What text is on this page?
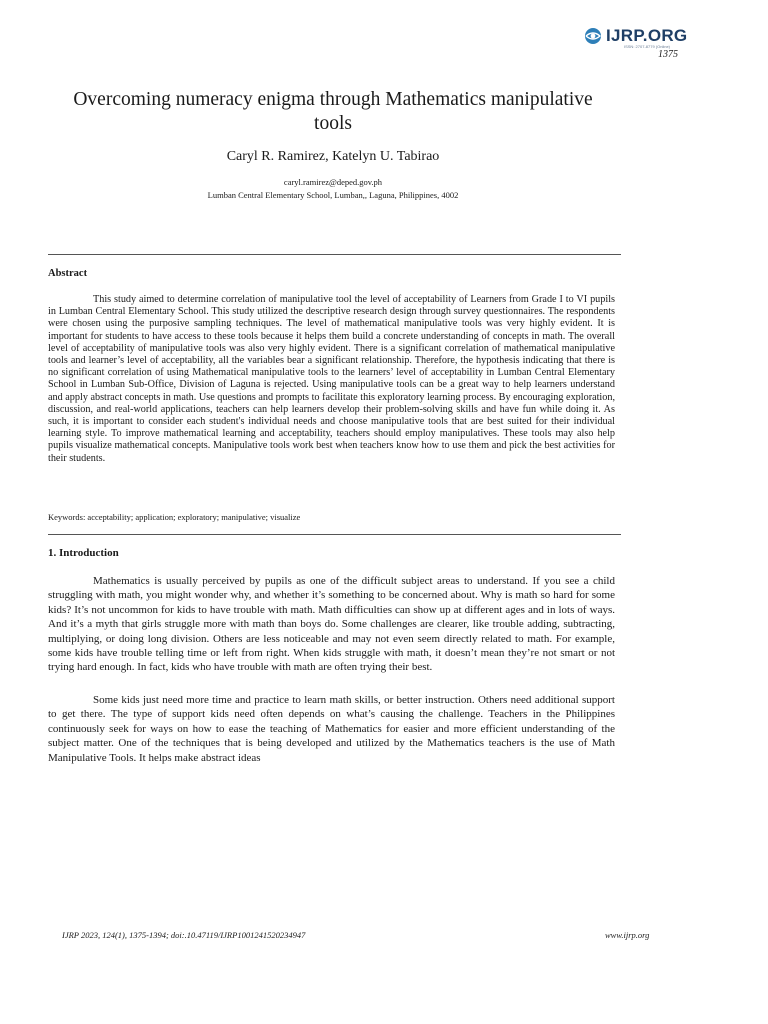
IJRP.ORG
ISSN: 2707-8779 (Online)
1375
Overcoming numeracy enigma through Mathematics manipulative tools
Caryl R. Ramirez, Katelyn U. Tabirao
caryl.ramirez@deped.gov.ph
Lumban Central Elementary School, Lumban,, Laguna, Philippines, 4002
Abstract

This study aimed to determine correlation of manipulative tool the level of acceptability of Learners from Grade I to VI pupils in Lumban Central Elementary School. This study utilized the descriptive research design through survey questionnaires. The respondents were chosen using the purposive sampling techniques. The level of mathematical manipulative tools was very highly evident. It is important for students to have access to these tools because it helps them build a concrete understanding of concepts in math. The overall level of acceptability of manipulative tools was also very highly evident. There is a significant correlation of mathematical manipulative tools and learner’s level of acceptability, all the variables bear a significant relationship. Therefore, the hypothesis indicating that there is no significant correlation of using Mathematical manipulative tools to the learners’ level of acceptability in Lumban Central Elementary School in Lumban Sub-Office, Division of Laguna is rejected. Using manipulative tools can be a great way to help learners understand and apply abstract concepts in math. Use questions and prompts to facilitate this exploratory learning process. By encouraging exploration, discussion, and real-world applications, teachers can help learners develop their problem-solving skills and have fun while doing it. As such, it is important to consider each student's individual needs and choose manipulative tools that are best suited for their individual learning style. To improve mathematical learning and acceptability, teachers should employ manipulatives. These tools may also help pupils visualize mathematical concepts. Manipulative tools work best when teachers know how to use them and pick the best activities for their students.

Keywords: acceptability; application; exploratory; manipulative; visualize
1. Introduction

Mathematics is usually perceived by pupils as one of the difficult subject areas to understand. If you see a child struggling with math, you might wonder why, and whether it’s something to be concerned about. Why is math so hard for some kids? It’s not uncommon for kids to have trouble with math. Math difficulties can show up at different ages and in lots of ways. And it’s a myth that girls struggle more with math than boys do. Some challenges are clearer, like trouble adding, subtracting, multiplying, or doing long division. Others are less noticeable and may not even seem directly related to math. For example, some kids have trouble telling time or left from right. When kids struggle with math, it doesn’t mean they’re not smart or not trying hard enough. In fact, kids who have trouble with math are often trying their best.

Some kids just need more time and practice to learn math skills, or better instruction. Others need additional support to get there. The type of support kids need often depends on what’s causing the challenge. Teachers in the Philippines continuously seek for ways on how to ease the teaching of Mathematics for easier and more efficient understanding of the subject matter. One of the techniques that is being developed and utilized by the Mathematics teachers is the use of Math Manipulative Tools. It helps make abstract ideas

IJRP 2023, 124(1), 1375-1394; doi:.10.47119/IJRP1001241520234947	www.ijrp.org
